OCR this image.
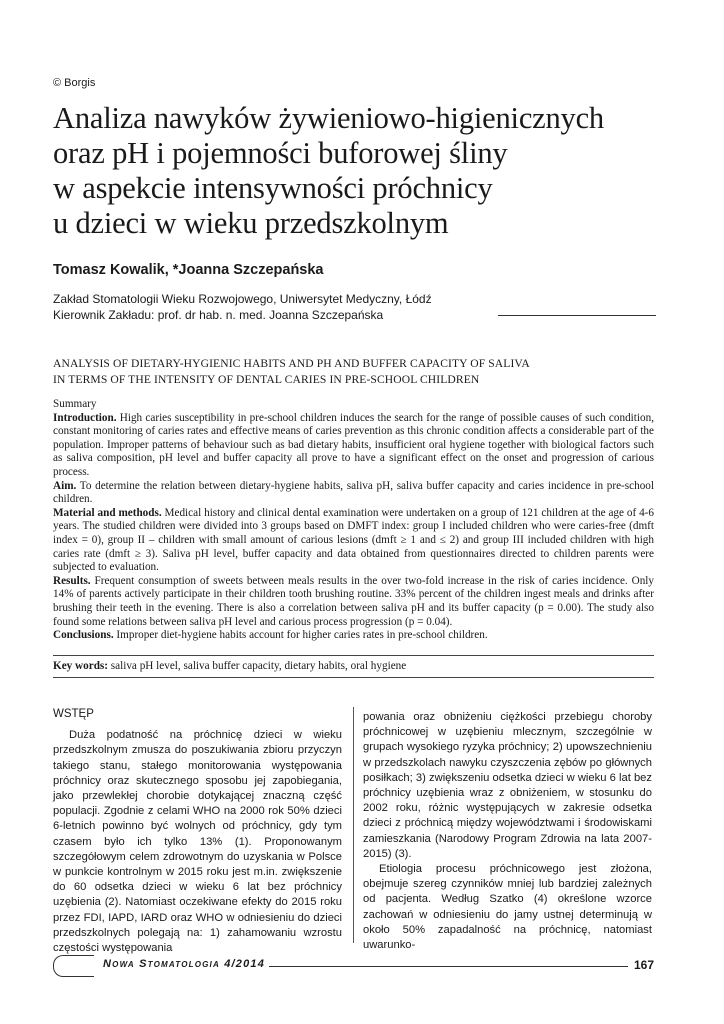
© Borgis
Analiza nawyków żywieniowo-higienicznych
oraz pH i pojemności buforowej śliny
w aspekcie intensywności próchnicy
u dzieci w wieku przedszkolnym
Tomasz Kowalik, *Joanna Szczepańska
Zakład Stomatologii Wieku Rozwojowego, Uniwersytet Medyczny, Łódź
Kierownik Zakładu: prof. dr hab. n. med. Joanna Szczepańska
ANALYSIS OF DIETARY-HYGIENIC HABITS AND PH AND BUFFER CAPACITY OF SALIVA
IN TERMS OF THE INTENSITY OF DENTAL CARIES IN PRE-SCHOOL CHILDREN

Summary

Introduction. High caries susceptibility in pre-school children induces the search for the range of possible causes of such condition, constant monitoring of caries rates and effective means of caries prevention as this chronic condition affects a considerable part of the population. Improper patterns of behaviour such as bad dietary habits, insufficient oral hygiene together with biological factors such as saliva composition, pH level and buffer capacity all prove to have a significant effect on the onset and progression of carious process.

Aim. To determine the relation between dietary-hygiene habits, saliva pH, saliva buffer capacity and caries incidence in pre-school children.

Material and methods. Medical history and clinical dental examination were undertaken on a group of 121 children at the age of 4-6 years. The studied children were divided into 3 groups based on DMFT index: group I included children who were caries-free (dmft index = 0), group II – children with small amount of carious lesions (dmft ≥ 1 and ≤ 2) and group III included children with high caries rate (dmft ≥ 3). Saliva pH level, buffer capacity and data obtained from questionnaires directed to children parents were subjected to evaluation.

Results. Frequent consumption of sweets between meals results in the over two-fold increase in the risk of caries incidence. Only 14% of parents actively participate in their children tooth brushing routine. 33% percent of the children ingest meals and drinks after brushing their teeth in the evening. There is also a correlation between saliva pH and its buffer capacity (p = 0.00). The study also found some relations between saliva pH level and carious process progression (p = 0.04).

Conclusions. Improper diet-hygiene habits account for higher caries rates in pre-school children.

Key words: saliva pH level, saliva buffer capacity, dietary habits, oral hygiene
WSTĘP

Duża podatność na próchnicę dzieci w wieku przedszkolnym zmusza do poszukiwania zbioru przyczyn takiego stanu, stałego monitorowania występowania próchnicy oraz skutecznego sposobu jej zapobiegania, jako przewlekłej chorobie dotykającej znaczną część populacji. Zgodnie z celami WHO na 2000 rok 50% dzieci 6-letnich powinno być wolnych od próchnicy, gdy tym czasem było ich tylko 13% (1). Proponowanym szczegółowym celem zdrowotnym do uzyskania w Polsce w punkcie kontrolnym w 2015 roku jest m.in. zwiększenie do 60 odsetka dzieci w wieku 6 lat bez próchnicy uzębienia (2). Natomiast oczekiwane efekty do 2015 roku przez FDI, IAPD, IARD oraz WHO w odniesieniu do dzieci przedszkolnych polegają na: 1) zahamowaniu wzrostu częstości występowania

powania oraz obniżeniu ciężkości przebiegu choroby próchnicowej w uzębieniu mlecznym, szczególnie w grupach wysokiego ryzyka próchnicy; 2) upowszechnieniu w przedszkolach nawyku czyszczenia zębów po głównych posiłkach; 3) zwiększeniu odsetka dzieci w wieku 6 lat bez próchnicy uzębienia wraz z obniżeniem, w stosunku do 2002 roku, różnic występujących w zakresie odsetka dzieci z próchnicą między województwami i środowiskami zamieszkania (Narodowy Program Zdrowia na lata 2007-2015) (3).

Etiologia procesu próchnicowego jest złożona, obejmuje szereg czynników mniej lub bardziej zależnych od pacjenta. Według Szatko (4) określone wzorce zachowań w odniesieniu do jamy ustnej determinują w około 50% zapadalność na próchnicę, natomiast uwarunko-

Nowa Stomatologia 4/2014	167
